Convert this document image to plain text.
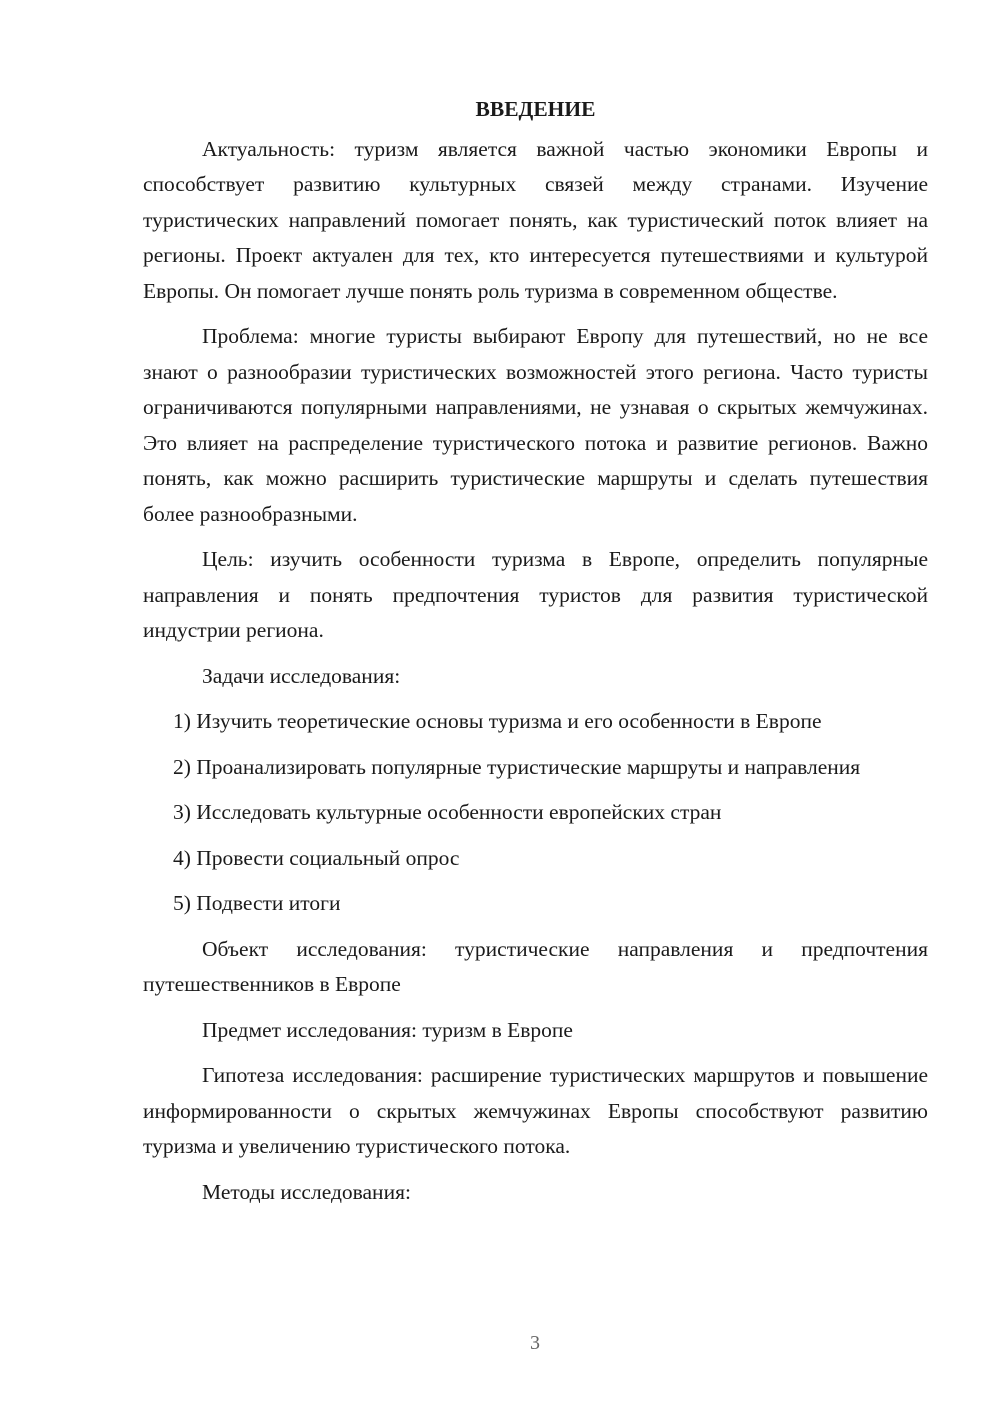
ВВЕДЕНИЕ

Актуальность: туризм является важной частью экономики Европы и способствует развитию культурных связей между странами. Изучение туристических направлений помогает понять, как туристический поток влияет на регионы. Проект актуален для тех, кто интересуется путешествиями и культурой Европы. Он помогает лучше понять роль туризма в современном обществе.

Проблема: многие туристы выбирают Европу для путешествий, но не все знают о разнообразии туристических возможностей этого региона. Часто туристы ограничиваются популярными направлениями, не узнавая о скрытых жемчужинах. Это влияет на распределение туристического потока и развитие регионов. Важно понять, как можно расширить туристические маршруты и сделать путешествия более разнообразными.

Цель: изучить особенности туризма в Европе, определить популярные направления и понять предпочтения туристов для развития туристической индустрии региона.

Задачи исследования:

1) Изучить теоретические основы туризма и его особенности в Европе

2) Проанализировать популярные туристические маршруты и направления

3) Исследовать культурные особенности европейских стран

4) Провести социальный опрос

5) Подвести итоги

Объект исследования: туристические направления и предпочтения путешественников в Европе

Предмет исследования: туризм в Европе

Гипотеза исследования: расширение туристических маршрутов и повышение информированности о скрытых жемчужинах Европы способствуют развитию туризма и увеличению туристического потока.

Методы исследования:

3
